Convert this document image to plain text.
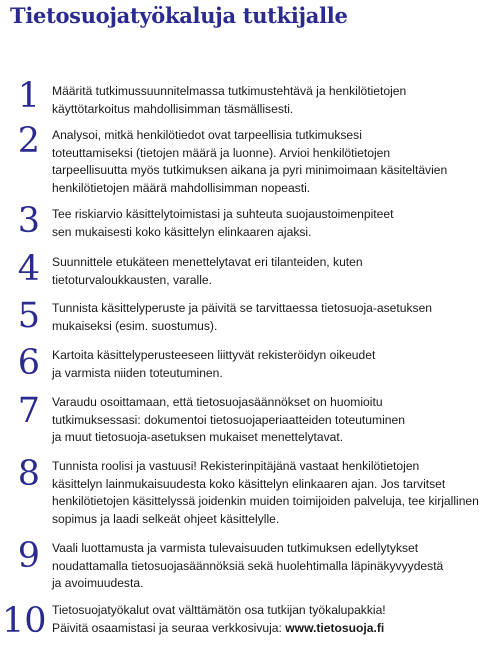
Tietosuojatyökaluja tutkijalle
1 Määritä tutkimussuunnitelmassa tutkimustehtävä ja henkilötietojen
käyttötarkoitus mahdollisimman täsmällisesti.
2 Analysoi, mitkä henkilötiedot ovat tarpeellisia tutkimuksesi
toteuttamiseksi (tietojen määrä ja luonne). Arvioi henkilötietojen
tarpeellisuutta myös tutkimuksen aikana ja pyri minimoimaan käsiteltävien
henkilötietojen määrä mahdollisimman nopeasti.
3 Tee riskiarvio käsittelytoimistasi ja suhteuta suojaustoimenpiteet
sen mukaisesti koko käsittelyn elinkaaren ajaksi.
4 Suunnittele etukäteen menettelytavat eri tilanteiden, kuten
tietoturvaloukkausten, varalle.
5 Tunnista käsittelyperuste ja päivitä se tarvittaessa tietosuoja-asetuksen
mukaiseksi (esim. suostumus).
6 Kartoita käsittelyperusteeseen liittyvät rekisteröidyn oikeudet
ja varmista niiden toteutuminen.
7 Varaudu osoittamaan, että tietosuojasäännökset on huomioitu
tutkimuksessasi: dokumentoi tietosuojaperiaatteiden toteutuminen
ja muut tietosuoja-asetuksen mukaiset menettelytavat.
8 Tunnista roolisi ja vastuusi! Rekisterinpitäjänä vastaat henkilötietojen
käsittelyn lainmukaisuudesta koko käsittelyn elinkaaren ajan. Jos tarvitset
henkilötietojen käsittelyssä joidenkin muiden toimijoiden palveluja, tee kirjallinen
sopimus ja laadi selkeät ohjeet käsittelylle.
9 Vaali luottamusta ja varmista tulevaisuuden tutkimuksen edellytykset
noudattamalla tietosuojasäännöksiä sekä huolehtimalla läpinäkyvyydestä
ja avoimuudesta.
10 Tietosuojatyökalut ovat välttämätön osa tutkijan työkalupakkia!
Päivitä osaamistasi ja seuraa verkkosivuja: www.tietosuoja.fi
